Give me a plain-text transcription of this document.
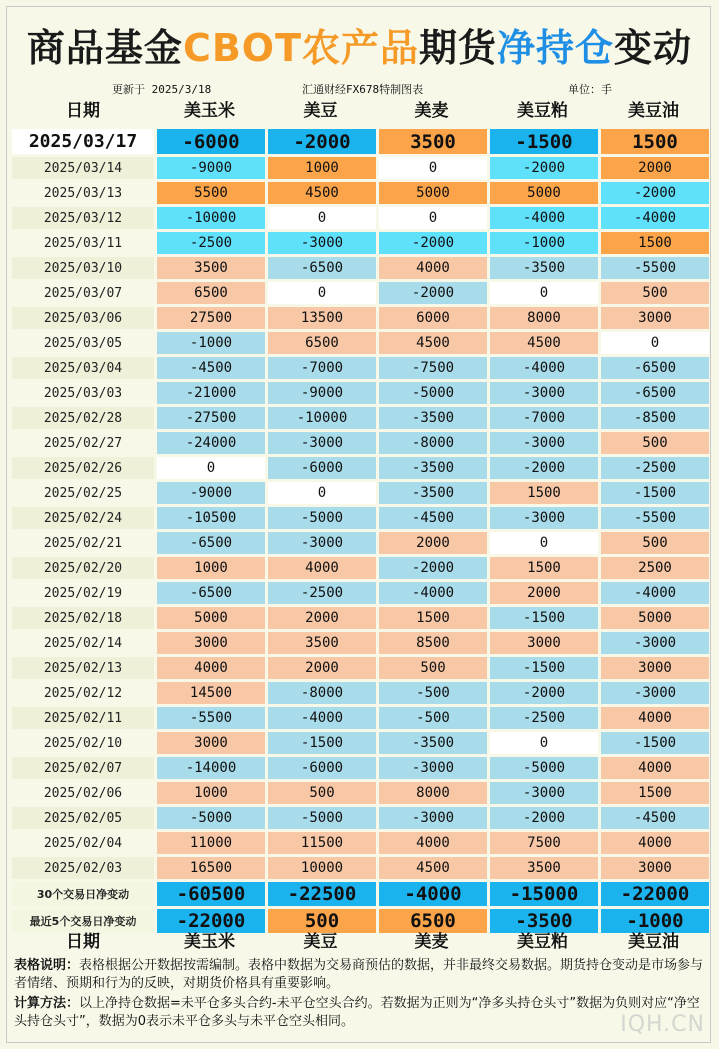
商品基金CBOT农产品期货净持仓变动
更新于 2025/3/18	汇通财经FX678特制图表	单位：手
日期	美玉米	美豆	美麦	美豆粕	美豆油
2025/03/17		-6000		-2000		3500		-1500		1500
2025/03/14		-9000		1000		0		-2000		2000
2025/03/13		5500		4500		5000		5000		-2000
2025/03/12		-10000		0		0		-4000		-4000
2025/03/11		-2500		-3000		-2000		-1000		1500
2025/03/10		3500		-6500		4000		-3500		-5500
2025/03/07		6500		0		-2000		0		500
2025/03/06		27500		13500		6000		8000		3000
2025/03/05		-1000		6500		4500		4500		0
2025/03/04		-4500		-7000		-7500		-4000		-6500
2025/03/03		-21000		-9000		-5000		-3000		-6500
2025/02/28		-27500		-10000		-3500		-7000		-8500
2025/02/27		-24000		-3000		-8000		-3000		500
2025/02/26		0		-6000		-3500		-2000		-2500
2025/02/25		-9000		0		-3500		1500		-1500
2025/02/24		-10500		-5000		-4500		-3000		-5500
2025/02/21		-6500		-3000		2000		0		500
2025/02/20		1000		4000		-2000		1500		2500
2025/02/19		-6500		-2500		-4000		2000		-4000
2025/02/18		5000		2000		1500		-1500		5000
2025/02/14		3000		3500		8500		3000		-3000
2025/02/13		4000		2000		500		-1500		3000
2025/02/12		14500		-8000		-500		-2000		-3000
2025/02/11		-5500		-4000		-500		-2500		4000
2025/02/10		3000		-1500		-3500		0		-1500
2025/02/07		-14000		-6000		-3000		-5000		4000
2025/02/06		1000		500		8000		-3000		1500
2025/02/05		-5000		-5000		-3000		-2000		-4500
2025/02/04		11000		11500		4000		7500		4000
2025/02/03		16500		10000		4500		3500		3000
30个交易日净变动		-60500		-22500		-4000		-15000		-22000
最近5个交易日净变动		-22000		500		6500		-3500		-1000
日期	美玉米	美豆	美麦	美豆粕	美豆油
表格说明：表格根据公开数据按需编制。表格中数据为交易商预估的数据，并非最终交易数据。期货持仓变动是市场参与者情绪、预期和行为的反映，对期货价格具有重要影响。
计算方法：以上净持仓数据=未平仓多头合约-未平仓空头合约。若数据为正则为“净多头持仓头寸”数据为负则对应“净空头持仓头寸”，数据为0表示未平仓多头与未平仓空头相同。	IQH.CN
